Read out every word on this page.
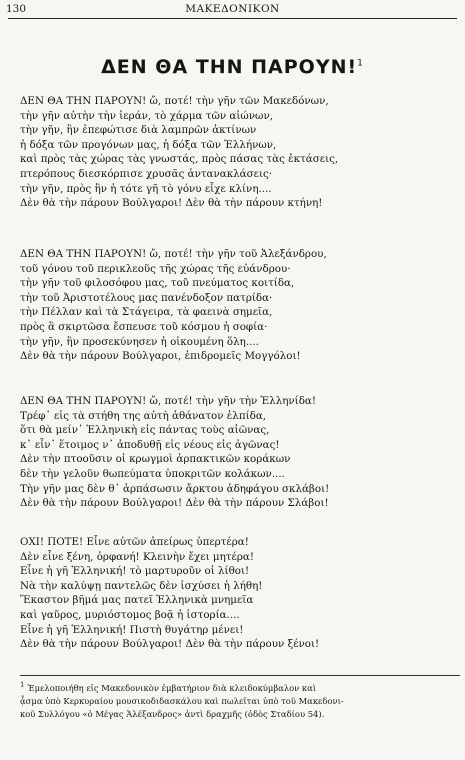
130	ΜΑΚΕΔΟΝΙΚΟΝ
ΔΕΝ ΘΑ ΤΗΝ ΠΑΡΟΥΝ!$^1$
ΔΕΝ ΘΑ ΤΗΝ ΠΑΡΟΥΝ! ὤ, ποτέ! τὴν γῆν τῶν Μακεδόνων,
τὴν γῆν αὐτὴν τὴν ἱεράν, τὸ χάρμα τῶν αἰώνων,
τὴν γῆν, ἣν ἐπεφώτισε διὰ λαμπρῶν ἀκτίνων
ἡ δόξα τῶν προγόνων μας, ἡ δόξα τῶν Ἑλλήνων,
καὶ πρὸς τὰς χώρας τὰς γνωστάς, πρὸς πάσας τὰς ἐκτάσεις,
πτερόπους διεσκόρπισε χρυσᾶς ἀντανακλάσεις·
τὴν γῆν, πρὸς ἣν ἡ τότε γῆ τὸ γόνυ εἶχε κλίνη....
Δὲν θὰ τὴν πάρουν Βούλγαροι! Δὲν θὰ τὴν πάρουν κτήνη!
ΔΕΝ ΘΑ ΤΗΝ ΠΑΡΟΥΝ! ὤ, ποτέ! τὴν γῆν τοῦ Ἀλεξάνδρου,
τοῦ γόνου τοῦ περικλεοῦς τῆς χώρας τῆς εὐάνδρου·
τὴν γῆν τοῦ φιλοσόφου μας, τοῦ πνεύματος κοιτίδα,
τὴν τοῦ Ἀριστοτέλους μας πανένδοξον πατρίδα·
τὴν Πέλλαν καὶ τὰ Στάγειρα, τὰ φαεινὰ σημεῖα,
πρὸς ἃ σκιρτῶσα ἔσπευσε τοῦ κόσμου ἡ σοφία·
τὴν γῆν, ἣν προσεκύνησεν ἡ οἰκουμένη ὅλη....
Δὲν θὰ τὴν πάρουν Βούλγαροι, ἐπιδρομεῖς Μογγόλοι!
ΔΕΝ ΘΑ ΤΗΝ ΠΑΡΟΥΝ! ὤ, ποτέ! τὴν γῆν τὴν Ἑλληνίδα!
Τρέφ᾽ εἰς τὰ στήθη της αὐτὴ ἀθάνατον ἐλπίδα,
ὅτι θὰ μείν᾽ Ἑλληνικὴ εἰς πάντας τοὺς αἰῶνας,
κ᾽ εἶν᾽ ἕτοιμος ν᾽ ἀποδυθῇ εἰς νέους εἰς ἀγῶνας!
Δὲν τὴν πτοοῦσιν οἱ κρωγμοὶ ἁρπακτικῶν κοράκων
δὲν τὴν γελοῦν θωπεύματα ὑποκριτῶν κολάκων....
Τὴν γῆν μας δὲν θ᾽ ἁρπάσωσιν ἄρκτου ἀδηφάγου σκλάβοι!
Δὲν θὰ τὴν πάρουν Βούλγαροι! Δὲν θὰ τὴν πάρουν Σλάβοι!
ΟΧΙ! ΠΟΤΕ! Εἶνε αὐτῶν ἀπείρως ὑπερτέρα!
Δὲν εἶνε ξένη, ὀρφανή! Κλεινὴν ἔχει μητέρα!
Εἶνε ἡ γῆ Ἑλληνική! τὸ μαρτυροῦν οἱ λίθοι!
Νὰ τὴν καλύψῃ παντελῶς δὲν ἰσχύσει ἡ λήθη!
Ἕκαστον βῆμά μας πατεῖ Ἑλληνικὰ μνημεῖα
καὶ γαῦρος, μυριόστομος βοᾷ ἡ ἱστορία....
Εἶνε ἡ γῆ Ἑλληνική! Πιστὴ θυγάτηρ μένει!
Δὲν θὰ τὴν πάρουν Βούλγαροι! Δὲν θὰ τὴν πάρουν ξένοι!
$^1$ Ἐμελοποιήθη εἰς Μακεδονικὸν ἐμβατήριον διὰ κλειδοκύμβαλον καὶ
ᾆσμα ὑπὸ Κερκυραίου μουσικοδιδασκάλου καὶ πωλεῖται ὑπὸ τοῦ Μακεδονι-
κοῦ Συλλόγου «ὁ Μέγας Ἀλέξανδρος» ἀντὶ δραχμῆς (ὁδὸς Σταδίου 54).
